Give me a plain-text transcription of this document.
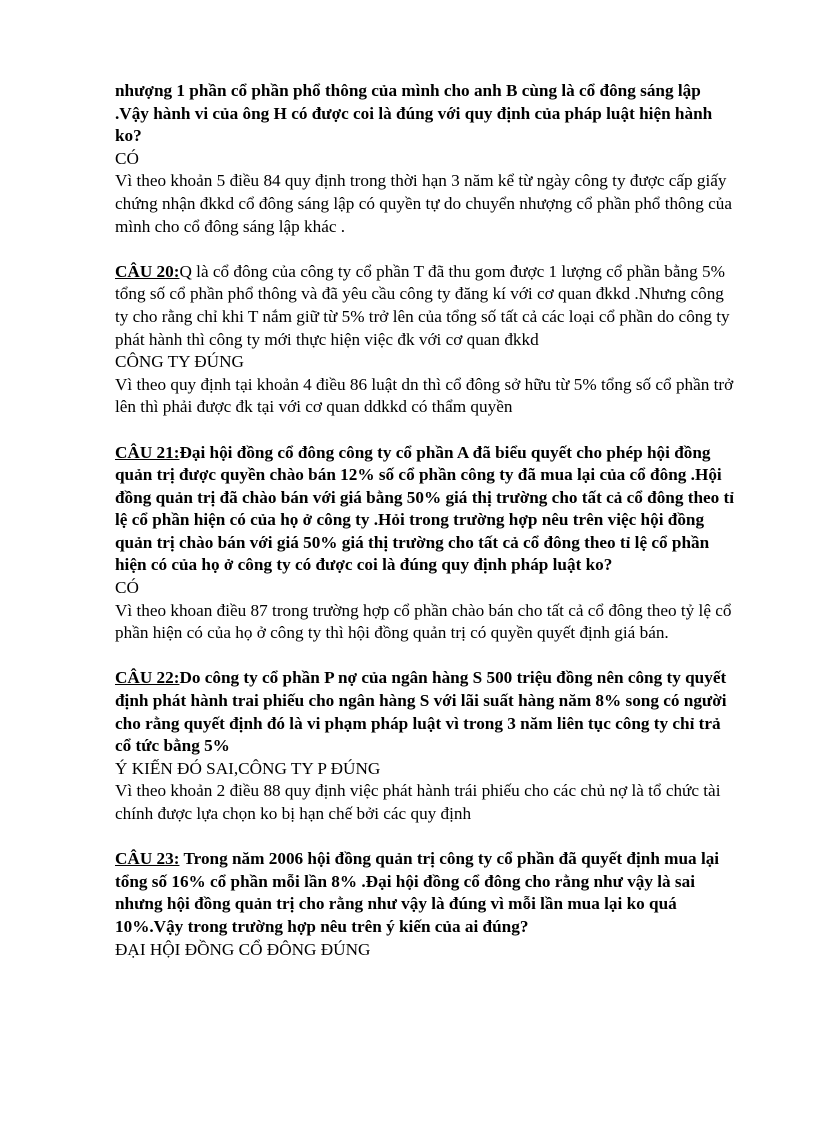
nhượng 1 phần cổ phần phổ thông của mình cho anh B cùng là cổ đông sáng lập .Vậy hành vi của ông H có được coi là đúng với quy định của pháp luật hiện hành ko?

CÓ

Vì theo khoản 5 điều 84 quy định trong thời hạn 3 năm kể từ ngày công ty được cấp giấy chứng nhận đkkd cổ đông sáng lập có quyền tự do chuyển nhượng cổ phần phổ thông của mình cho cổ đông sáng lập khác .

CÂU 20:Q là cổ đông của công ty cổ phần T đã thu gom được 1 lượng cổ phần bằng 5% tổng số cổ phần phổ thông và đã yêu cầu công ty đăng kí với cơ quan đkkd .Nhưng công ty cho rằng chỉ khi T nắm giữ từ 5% trở lên của tổng số tất cả các loại cổ phần do công ty phát hành thì công ty mới thực hiện việc đk với cơ quan đkkd

CÔNG TY ĐÚNG

Vì theo quy định tại khoản 4 điều 86 luật dn thì cổ đông sở hữu từ 5% tổng số cổ phần trở lên thì phải được đk tại với cơ quan ddkkd có thẩm quyền

CÂU 21:Đại hội đồng cổ đông công ty cổ phần A đã biểu quyết cho phép hội đồng quản trị được quyền chào bán 12% số cổ phần công ty đã mua lại của cổ đông .Hội đồng quản trị đã chào bán với giá bằng 50% giá thị trường cho tất cả cổ đông theo tỉ lệ cổ phần hiện có của họ ở công ty .Hỏi trong trường hợp nêu trên việc hội đồng quản trị chào bán với giá 50% giá thị trường cho tất cả cổ đông theo tỉ lệ cổ phần hiện có của họ ở công ty có được coi là đúng quy định pháp luật ko?

CÓ

Vì theo khoan điều 87 trong trường hợp cổ phần chào bán cho tất cả cổ đông theo tỷ lệ cổ phần hiện có của họ ở công ty thì hội đồng quản trị có quyền quyết định giá bán.

CÂU 22:Do công ty cổ phần P nợ của ngân hàng S 500 triệu đồng nên công ty quyết định phát hành trai phiếu cho ngân hàng S với lãi suất hàng năm 8% song có người cho rằng quyết định đó là vi phạm pháp luật vì trong 3 năm liên tục công ty chỉ trả cổ tức bằng 5%

Ý KIẾN ĐÓ SAI,CÔNG TY P ĐÚNG

Vì theo khoản 2 điều 88 quy định việc phát hành trái phiếu cho các chủ nợ là tổ chức tài chính được lựa chọn ko bị hạn chế bởi các quy định

CÂU 23: Trong năm 2006 hội đồng quản trị công ty cổ phần đã quyết định mua lại tổng số 16% cổ phần mỗi lần 8% .Đại hội đồng cổ đông cho rằng như vậy là sai nhưng hội đồng quản trị cho rằng như vậy là đúng vì mỗi lần mua lại ko quá 10%.Vậy trong trường hợp nêu trên ý kiến của ai đúng?

ĐẠI HỘI ĐỒNG CỔ ĐÔNG ĐÚNG
